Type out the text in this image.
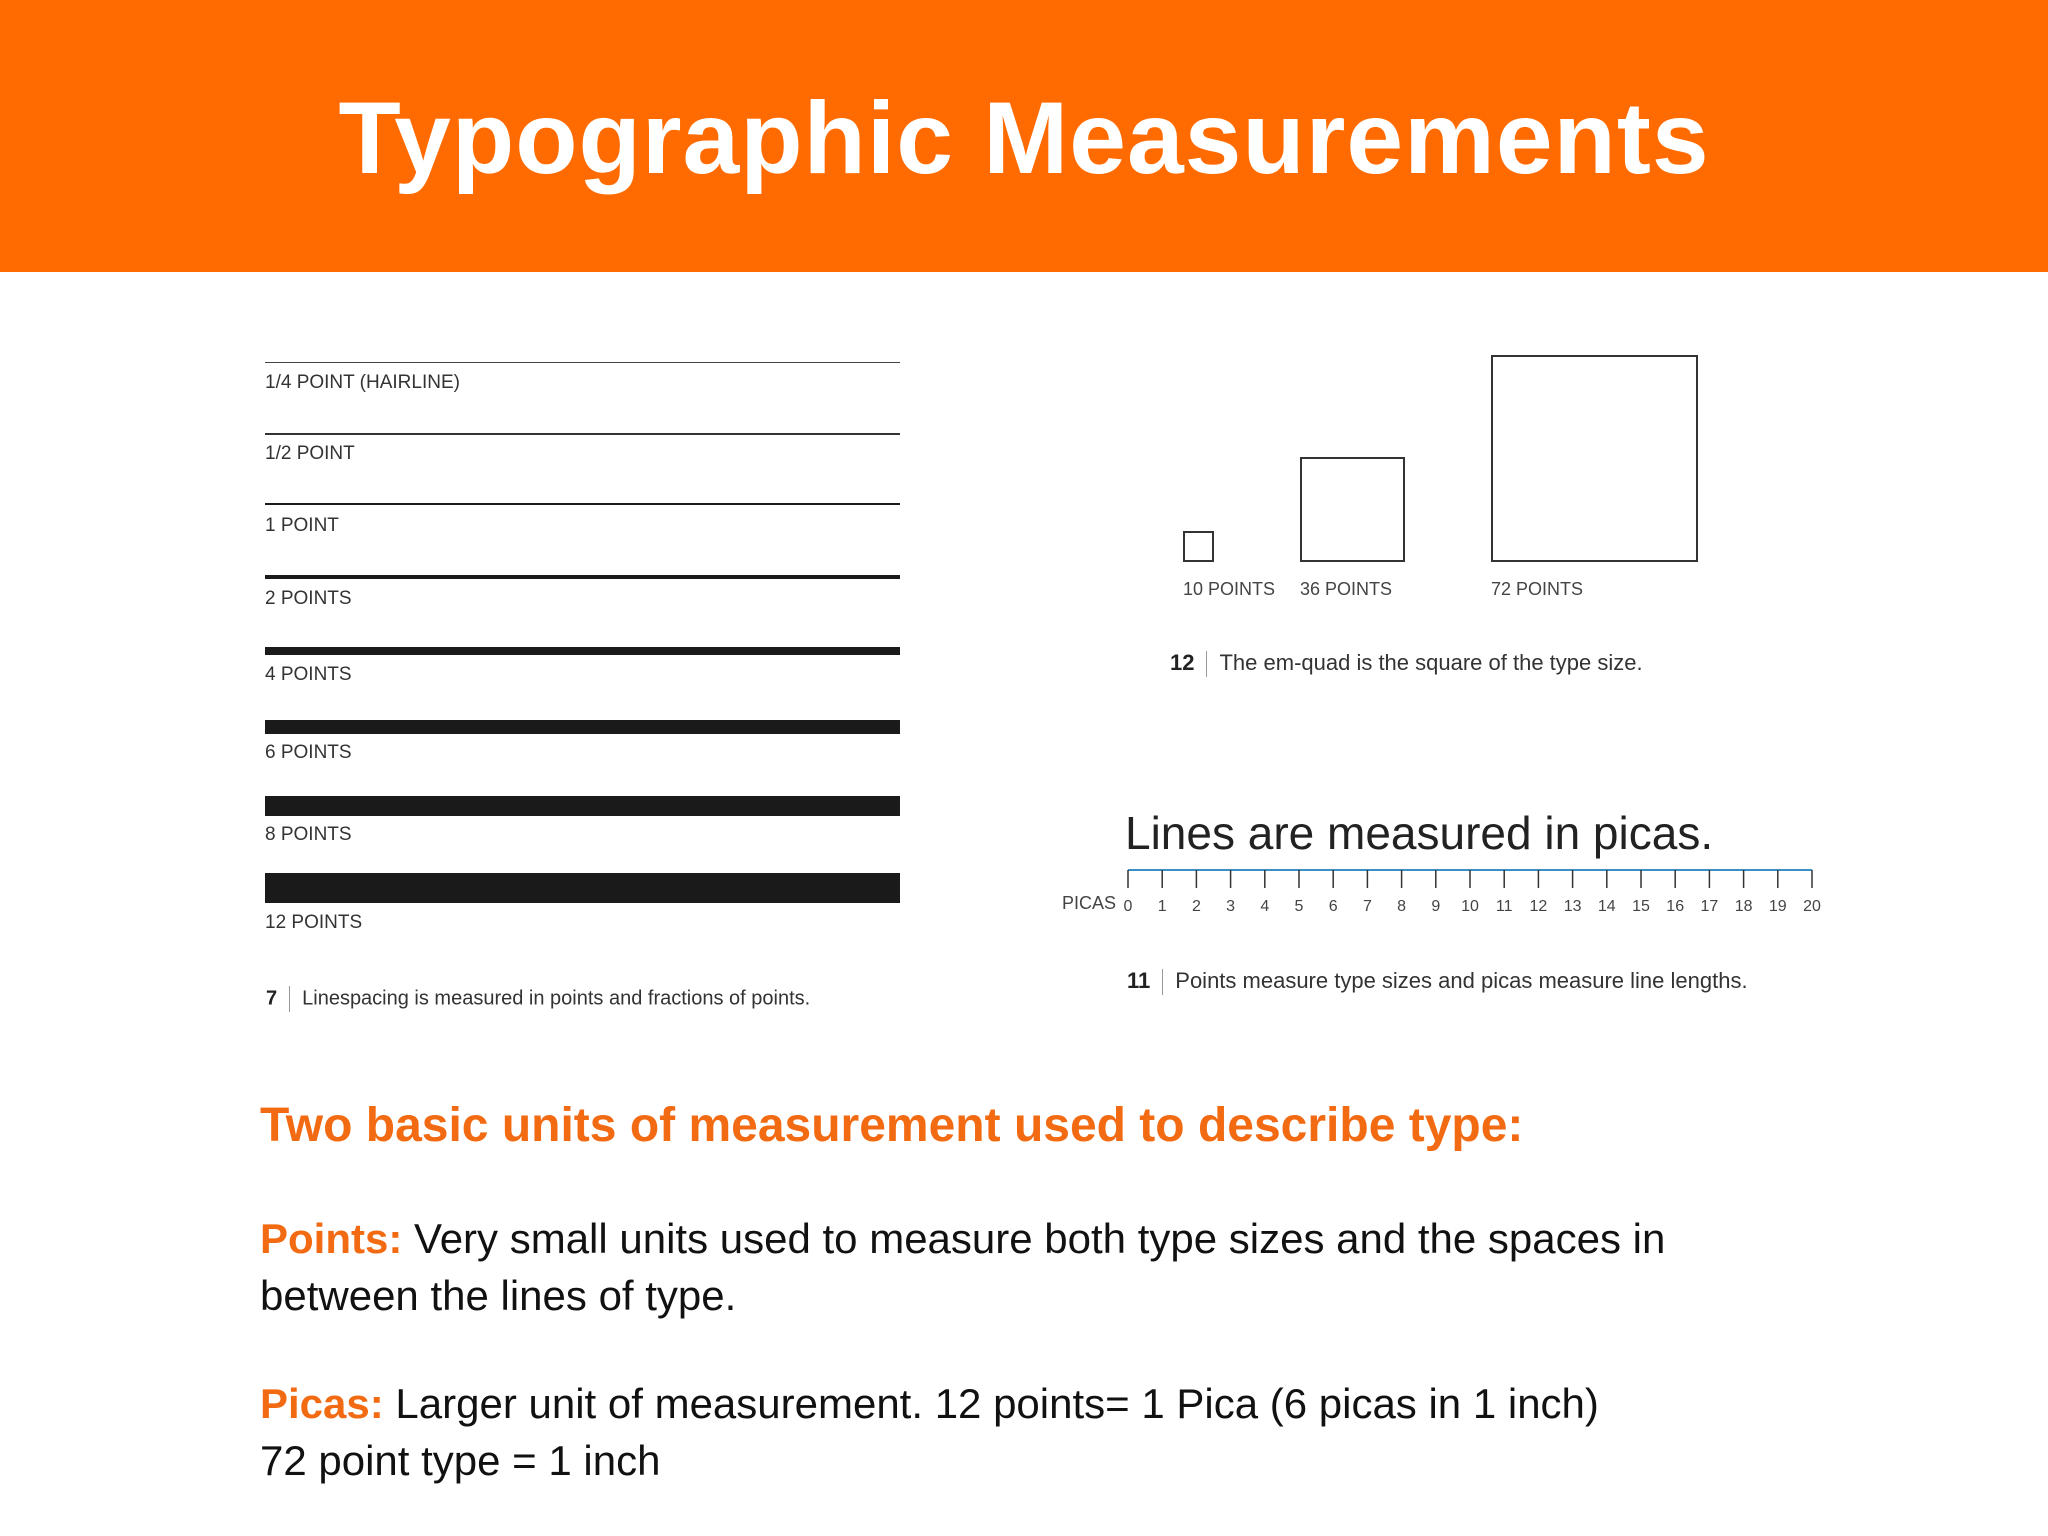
Typographic Measurements
1/4 POINT (HAIRLINE)
1/2 POINT
1 POINT
2 POINTS
4 POINTS
6 POINTS
8 POINTS
12 POINTS
7 Linespacing is measured in points and fractions of points.
10 POINTS 36 POINTS	72 POINTS
12 The em-quad is the square of the type size.
Lines are measured in picas.
PICAS 0 1 2 3 4 5 6 7 8 9 10 11 12 13 14 15 16 17 18 19 20
11 Points measure type sizes and picas measure line lengths.
Two basic units of measurement used to describe type:
Points: Very small units used to measure both type sizes and the spaces in between the lines of type.
Picas: Larger unit of measurement. 12 points= 1 Pica (6 picas in 1 inch)
72 point type = 1 inch
